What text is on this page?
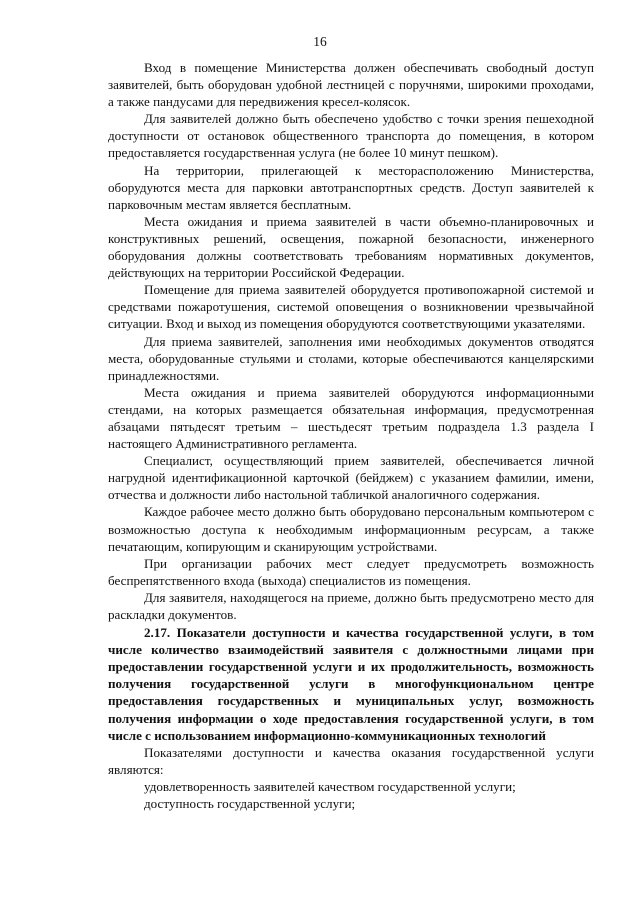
16

Вход в помещение Министерства должен обеспечивать свободный доступ заявителей, быть оборудован удобной лестницей с поручнями, широкими проходами, а также пандусами для передвижения кресел-колясок.

Для заявителей должно быть обеспечено удобство с точки зрения пешеходной доступности от остановок общественного транспорта до помещения, в котором предоставляется государственная услуга (не более 10 минут пешком).

На территории, прилегающей к месторасположению Министерства, оборудуются места для парковки автотранспортных средств. Доступ заявителей к парковочным местам является бесплатным.

Места ожидания и приема заявителей в части объемно-планировочных и конструктивных решений, освещения, пожарной безопасности, инженерного оборудования должны соответствовать требованиям нормативных документов, действующих на территории Российской Федерации.

Помещение для приема заявителей оборудуется противопожарной системой и средствами пожаротушения, системой оповещения о возникновении чрезвычайной ситуации. Вход и выход из помещения оборудуются соответствующими указателями.

Для приема заявителей, заполнения ими необходимых документов отводятся места, оборудованные стульями и столами, которые обеспечиваются канцелярскими принадлежностями.

Места ожидания и приема заявителей оборудуются информационными стендами, на которых размещается обязательная информация, предусмотренная абзацами пятьдесят третьим – шестьдесят третьим подраздела 1.3 раздела I настоящего Административного регламента.

Специалист, осуществляющий прием заявителей, обеспечивается личной нагрудной идентификационной карточкой (бейджем) с указанием фамилии, имени, отчества и должности либо настольной табличкой аналогичного содержания.

Каждое рабочее место должно быть оборудовано персональным компьютером с возможностью доступа к необходимым информационным ресурсам, а также печатающим, копирующим и сканирующим устройствами.

При организации рабочих мест следует предусмотреть возможность беспрепятственного входа (выхода) специалистов из помещения.

Для заявителя, находящегося на приеме, должно быть предусмотрено место для раскладки документов.

2.17. Показатели доступности и качества государственной услуги, в том числе количество взаимодействий заявителя с должностными лицами при предоставлении государственной услуги и их продолжительность, возможность получения государственной услуги в многофункциональном центре предоставления государственных и муниципальных услуг, возможность получения информации о ходе предоставления государственной услуги, в том числе с использованием информационно-коммуникационных технологий

Показателями доступности и качества оказания государственной услуги являются:

удовлетворенность заявителей качеством государственной услуги;

доступность государственной услуги;
